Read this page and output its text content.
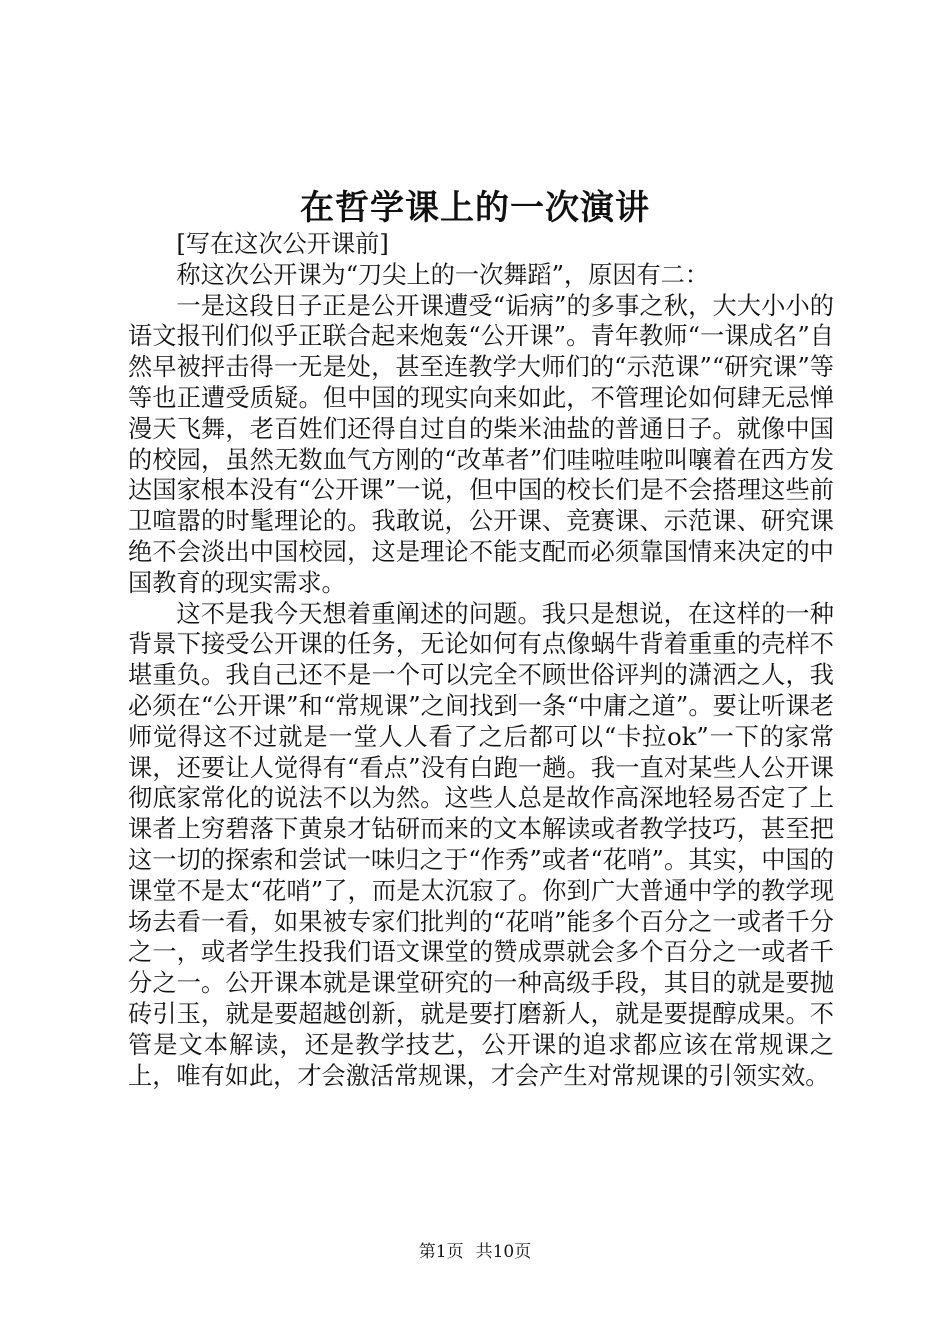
在哲学课上的一次演讲

[写在这次公开课前]

称这次公开课为“刀尖上的一次舞蹈”，原因有二：

一是这段日子正是公开课遭受“诟病”的多事之秋，大大小小的语文报刊们似乎正联合起来炮轰“公开课”。青年教师“一课成名”自然早被抨击得一无是处，甚至连教学大师们的“示范课”“研究课”等等也正遭受质疑。但中国的现实向来如此，不管理论如何肆无忌惮漫天飞舞，老百姓们还得自过自的柴米油盐的普通日子。就像中国的校园，虽然无数血气方刚的“改革者”们哇啦哇啦叫嚷着在西方发达国家根本没有“公开课”一说，但中国的校长们是不会搭理这些前卫喧嚣的时髦理论的。我敢说，公开课、竞赛课、示范课、研究课绝不会淡出中国校园，这是理论不能支配而必须靠国情来决定的中国教育的现实需求。

这不是我今天想着重阐述的问题。我只是想说，在这样的一种背景下接受公开课的任务，无论如何有点像蜗牛背着重重的壳样不堪重负。我自己还不是一个可以完全不顾世俗评判的潇洒之人，我必须在“公开课”和“常规课”之间找到一条“中庸之道”。要让听课老师觉得这不过就是一堂人人看了之后都可以“卡拉ok”一下的家常课，还要让人觉得有“看点”没有白跑一趟。我一直对某些人公开课彻底家常化的说法不以为然。这些人总是故作高深地轻易否定了上课者上穷碧落下黄泉才钻研而来的文本解读或者教学技巧，甚至把这一切的探索和尝试一味归之于“作秀”或者“花哨”。其实，中国的课堂不是太“花哨”了，而是太沉寂了。你到广大普通中学的教学现场去看一看，如果被专家们批判的“花哨”能多个百分之一或者千分之一，或者学生投我们语文课堂的赞成票就会多个百分之一或者千分之一。公开课本就是课堂研究的一种高级手段，其目的就是要抛砖引玉，就是要超越创新，就是要打磨新人，就是要提醇成果。不管是文本解读，还是教学技艺，公开课的追求都应该在常规课之上，唯有如此，才会激活常规课，才会产生对常规课的引领实效。

第1页 共10页
